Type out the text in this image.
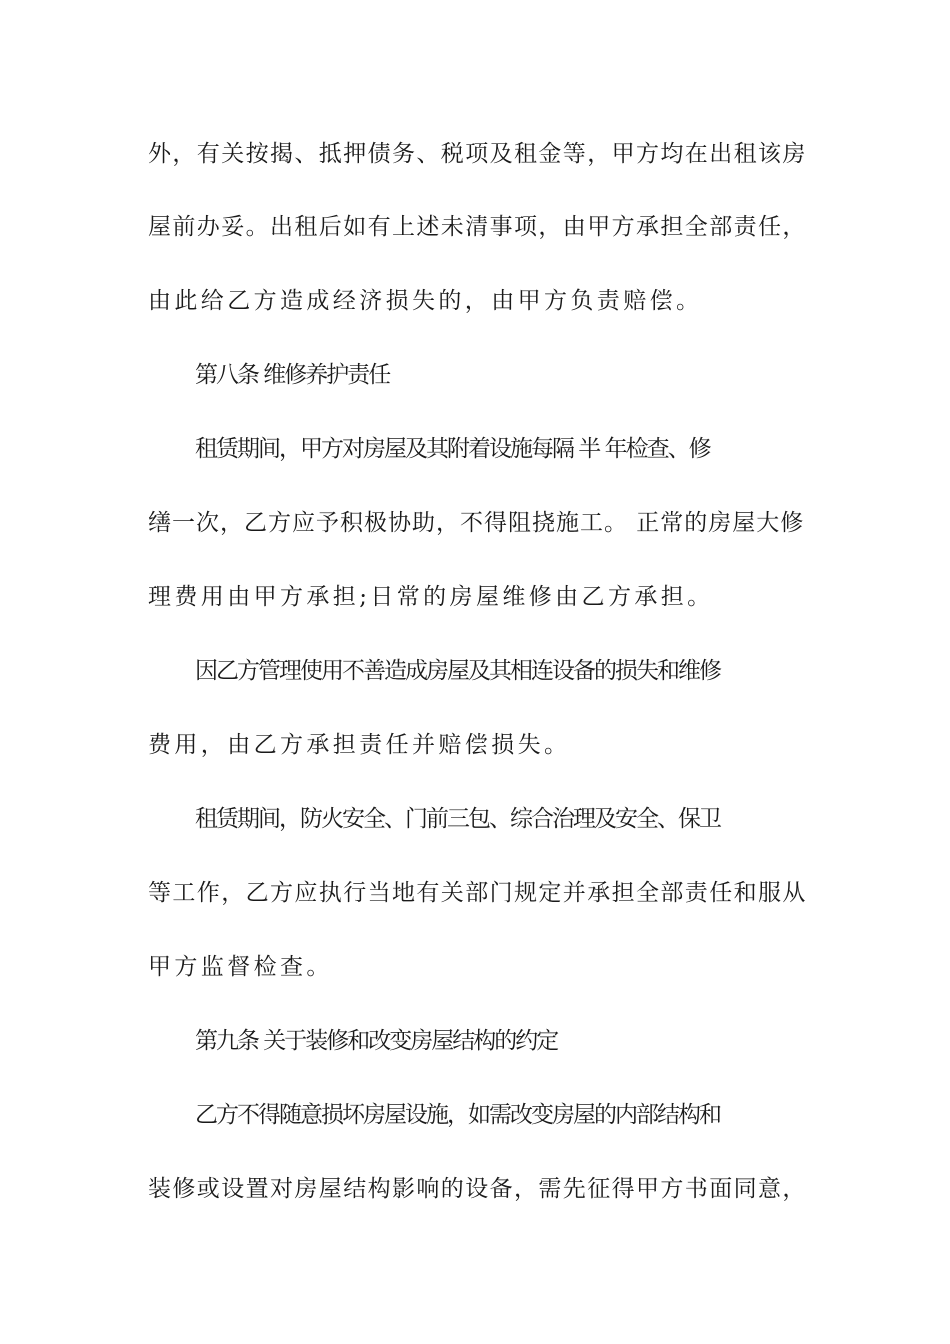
外，有关按揭、抵押债务、税项及租金等，甲方均在出租该房
屋前办妥。出租后如有上述未清事项，由甲方承担全部责任，
由此给乙方造成经济损失的，由甲方负责赔偿。
第八条 维修养护责任
租赁期间，甲方对房屋及其附着设施每隔 半 年检查、修
缮一次，乙方应予积极协助，不得阻挠施工。 正常的房屋大修
理费用由甲方承担;日常的房屋维修由乙方承担。
因乙方管理使用不善造成房屋及其相连设备的损失和维修
费用，由乙方承担责任并赔偿损失。
租赁期间，防火安全、门前三包、综合治理及安全、保卫
等工作，乙方应执行当地有关部门规定并承担全部责任和服从
甲方监督检查。
第九条 关于装修和改变房屋结构的约定
乙方不得随意损坏房屋设施，如需改变房屋的内部结构和
装修或设置对房屋结构影响的设备，需先征得甲方书面同意，
